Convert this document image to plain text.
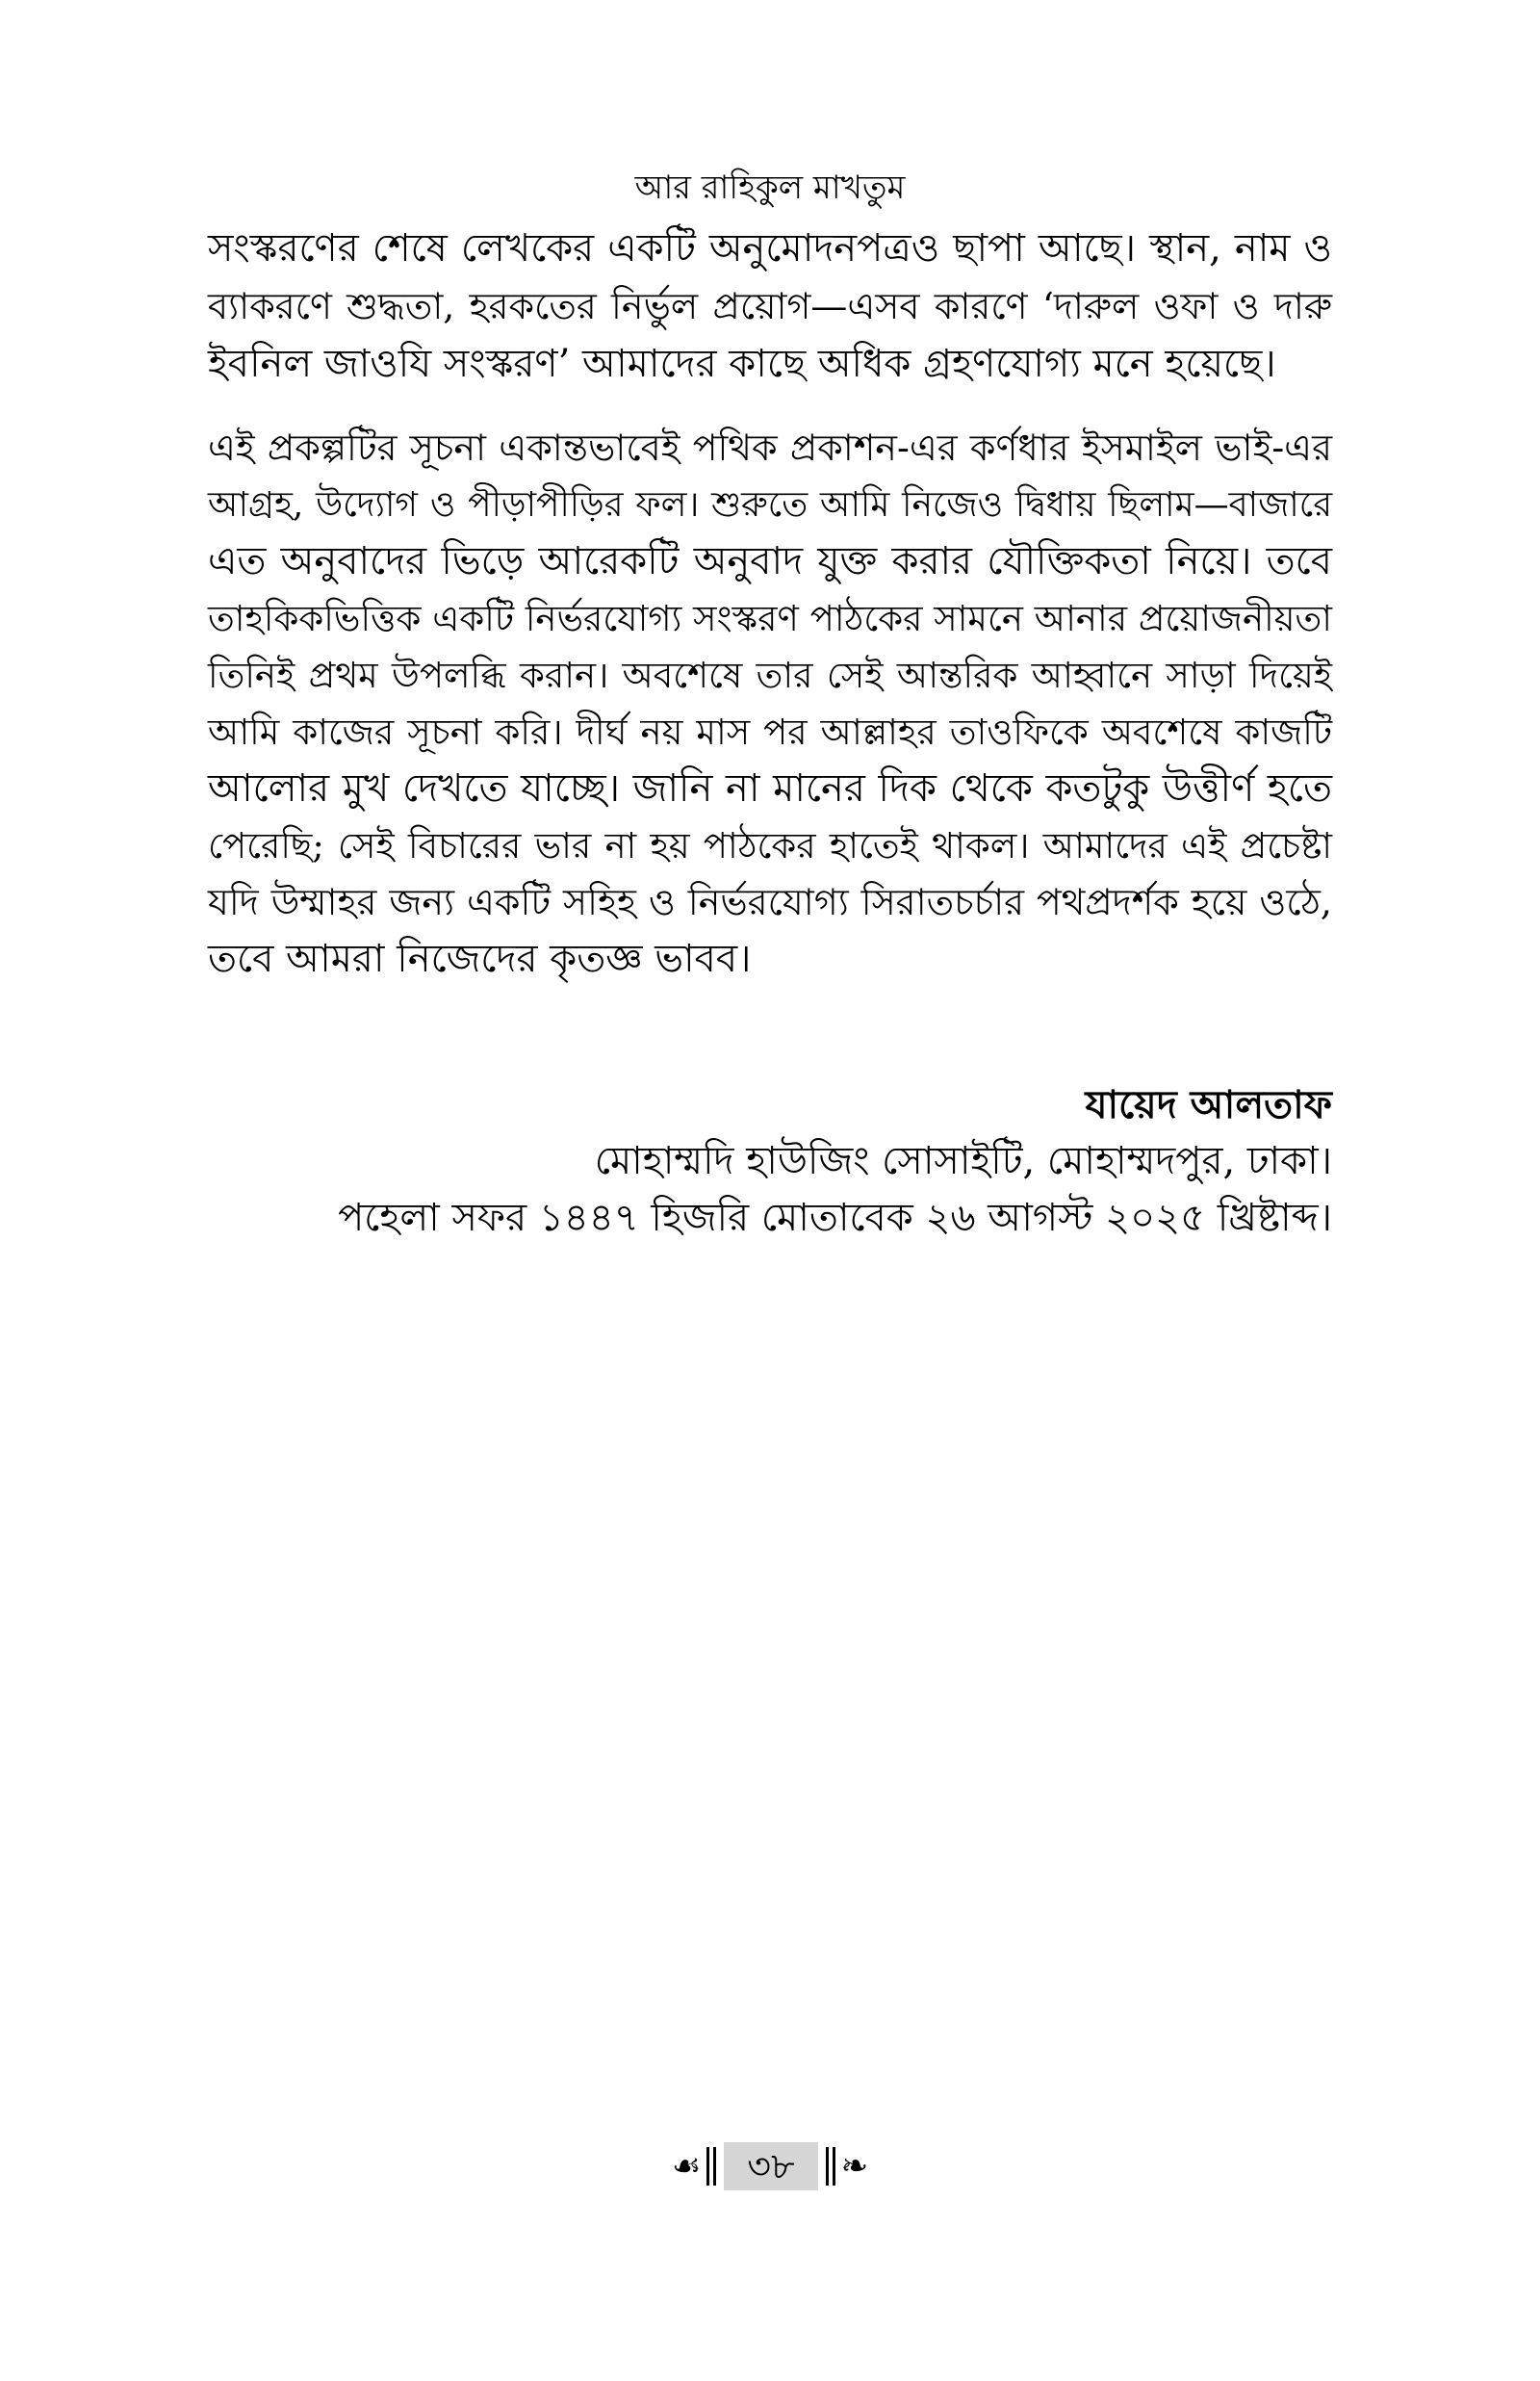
আর রাহিকুল মাখতুম
সংস্করণের শেষে লেখকের একটি অনুমোদনপত্রও ছাপা আছে। স্থান, নাম ও
ব্যাকরণে শুদ্ধতা, হরকতের নির্ভুল প্রয়োগ—এসব কারণে ‘দারুল ওফা ও দারু
ইবনিল জাওযি সংস্করণ’ আমাদের কাছে অধিক গ্রহণযোগ্য মনে হয়েছে।
এই প্রকল্পটির সূচনা একান্তভাবেই পথিক প্রকাশন-এর কর্ণধার ইসমাইল ভাই-এর
আগ্রহ, উদ্যোগ ও পীড়াপীড়ির ফল। শুরুতে আমি নিজেও দ্বিধায় ছিলাম—বাজারে
এত অনুবাদের ভিড়ে আরেকটি অনুবাদ যুক্ত করার যৌক্তিকতা নিয়ে। তবে
তাহকিকভিত্তিক একটি নির্ভরযোগ্য সংস্করণ পাঠকের সামনে আনার প্রয়োজনীয়তা
তিনিই প্রথম উপলব্ধি করান। অবশেষে তার সেই আন্তরিক আহ্বানে সাড়া দিয়েই
আমি কাজের সূচনা করি। দীর্ঘ নয় মাস পর আল্লাহর তাওফিকে অবশেষে কাজটি
আলোর মুখ দেখতে যাচ্ছে। জানি না মানের দিক থেকে কতটুকু উত্তীর্ণ হতে
পেরেছি; সেই বিচারের ভার না হয় পাঠকের হাতেই থাকল। আমাদের এই প্রচেষ্টা
যদি উম্মাহর জন্য একটি সহিহ ও নির্ভরযোগ্য সিরাতচর্চার পথপ্রদর্শক হয়ে ওঠে,
তবে আমরা নিজেদের কৃতজ্ঞ ভাবব।
যায়েদ আলতাফ
মোহাম্মদি হাউজিং সোসাইটি, মোহাম্মদপুর, ঢাকা।
পহেলা সফর ১৪৪৭ হিজরি মোতাবেক ২৬ আগস্ট ২০২৫ খ্রিষ্টাব্দ।
☙
৩৮
❧
